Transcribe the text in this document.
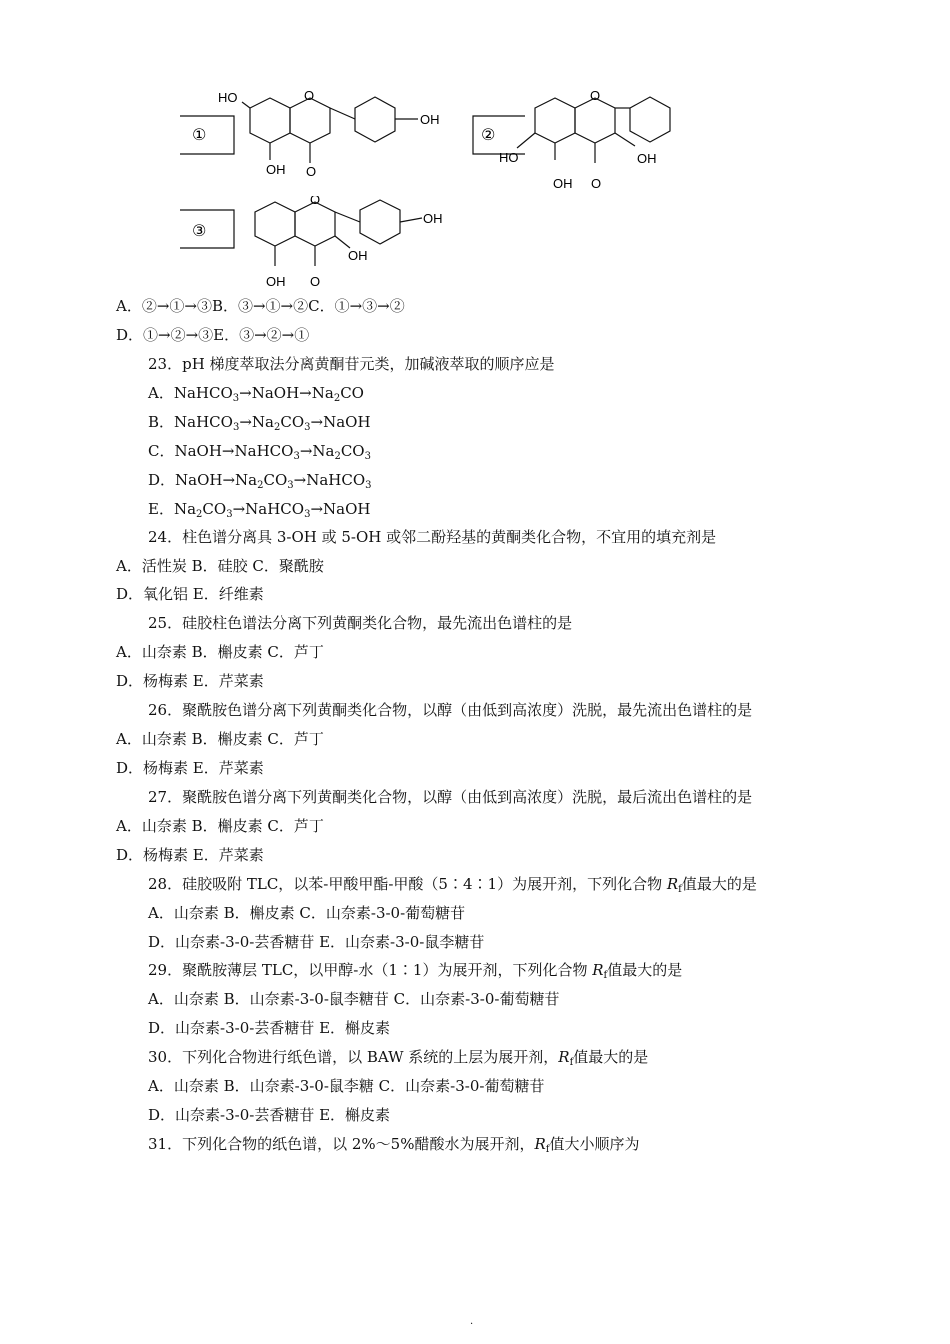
①
HO	O
OH
OH O
②
O
HO	OH
OH O
③
O
OH
OH
OH O
A．②→①→③B．③→①→②C．①→③→②
D．①→②→③E．③→②→①
23．pH 梯度萃取法分离黄酮苷元类，加碱液萃取的顺序应是
A．$NaHCO_3\to NaOH\to Na_2CO$
B．$NaHCO_3\to Na_2CO_3\to NaOH$
C．$NaOH\to NaHCO_3\to Na_2CO_3$
D．$NaOH\to Na_2CO_3\to NaHCO_3$
E．$Na_2CO_3\to NaHCO_3\to NaOH$
24．柱色谱分离具 3-OH 或 5-OH 或邻二酚羟基的黄酮类化合物，不宜用的填充剂是
A．活性炭 B．硅胶 C．聚酰胺
D．氧化铝 E．纤维素
25．硅胶柱色谱法分离下列黄酮类化合物，最先流出色谱柱的是
A．山奈素 B．槲皮素 C．芦丁
D．杨梅素 E．芹菜素
26．聚酰胺色谱分离下列黄酮类化合物，以醇（由低到高浓度）洗脱，最先流出色谱柱的是
A．山奈素 B．槲皮素 C．芦丁
D．杨梅素 E．芹菜素
27．聚酰胺色谱分离下列黄酮类化合物，以醇（由低到高浓度）洗脱，最后流出色谱柱的是
A．山奈素 B．槲皮素 C．芦丁
D．杨梅素 E．芹菜素
28．硅胶吸附 TLC，以苯-甲酸甲酯-甲酸（5∶4∶1）为展开剂，下列化合物 $R_f$值最大的是
A．山奈素 B．槲皮素 C．山奈素-3-0-葡萄糖苷
D．山奈素-3-0-芸香糖苷 E．山奈素-3-0-鼠李糖苷
29．聚酰胺薄层 TLC，以甲醇-水（1∶1）为展开剂，下列化合物 $R_f$值最大的是
A．山奈素 B．山奈素-3-0-鼠李糖苷 C．山奈素-3-0-葡萄糖苷
D．山奈素-3-0-芸香糖苷 E．槲皮素
30．下列化合物进行纸色谱，以 BAW 系统的上层为展开剂，$R_f$值最大的是
A．山奈素 B．山奈素-3-0-鼠李糖 C．山奈素-3-0-葡萄糖苷
D．山奈素-3-0-芸香糖苷 E．槲皮素
31．下列化合物的纸色谱，以 2%～5%醋酸水为展开剂，$R_f$值大小顺序为
.
